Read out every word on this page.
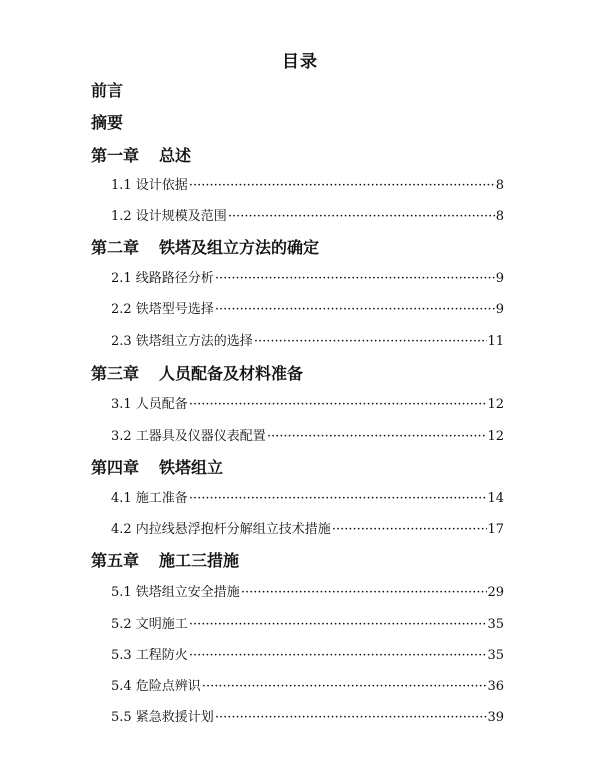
目录
前言
摘要
第一章 总述
1.1 设计依据 ·····	8
1.2 设计规模及范围 ·····	8
第二章 铁塔及组立方法的确定
2.1 线路路径分析 ·····	9
2.2 铁塔型号选择 ·····	9
2.3 铁塔组立方法的选择 ·····	11
第三章 人员配备及材料准备
3.1 人员配备 ·····	12
3.2 工器具及仪器仪表配置 ·····	12
第四章 铁塔组立
4.1 施工准备 ·····	14
4.2 内拉线悬浮抱杆分解组立技术措施 ·····	17
第五章 施工三措施
5.1 铁塔组立安全措施 ·····	29
5.2 文明施工 ·····	35
5.3 工程防火 ·····	35
5.4 危险点辨识 ·····	36
5.5 紧急救援计划 ·····	39
